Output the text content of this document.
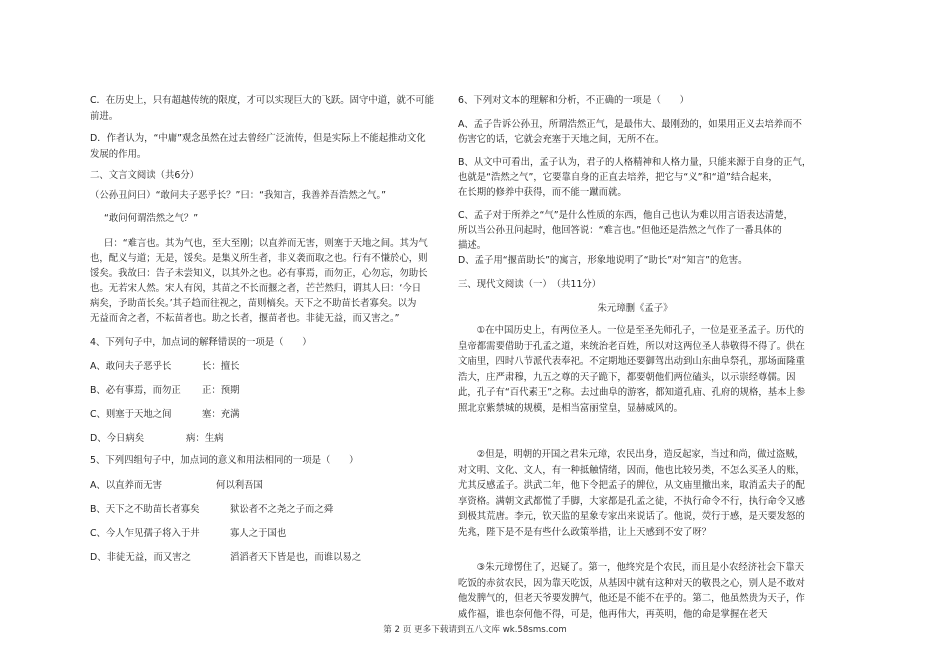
C．在历史上，只有超越传统的限度，才可以实现巨大的飞跃。固守中道，就不可能

前进。

D．作者认为，“中庸”观念虽然在过去曾经广泛流传，但是实际上不能起推动文化

发展的作用。

二、文言文阅读（共6分）

（公孙丑问曰）“敢问夫子恶乎长？”曰：“我知言，我善养吾浩然之气。”

“敢问何谓浩然之气？”

曰：“难言也。其为气也，至大至刚；以直养而无害，则塞于天地之间。其为气

也，配义与道；无是，馁矣。是集义所生者，非义袭而取之也。行有不慊於心，则

馁矣。我故曰：告子未尝知义，以其外之也。必有事焉，而勿正，心勿忘，勿助长

也。无若宋人然。宋人有闵，其苗之不长而揠之者，芒芒然归，谓其人曰：‘今日

病矣，予助苗长矣。’其子趋而往视之，苗则槁矣。天下之不助苗长者寡矣。以为

无益而舍之者，不耘苗者也。助之长者，揠苗者也。非徒无益，而又害之。”

4、下列句子中，加点词的解释错误的一项是（　　）

A、敢问夫子恶乎长	长：擅长

B、必有事焉，而勿正 正：预期

C、则塞于天地之间	塞：充满

D、今日病矣	病：生病

5、下列四组句子中，加点词的意义和用法相同的一项是（　　）

A、以直养而无害	何以利吾国

B、天下之不助苗长者寡矣	狱讼者不之尧之子而之舜

C、今人乍见孺子将入于井	寡人之于国也

D、非徒无益，而又害之	滔滔者天下皆是也，而谁以易之

6、下列对文本的理解和分析，不正确的一项是（　　）

A、孟子告诉公孙丑，所谓浩然正气，是最伟大、最刚劲的，如果用正义去培养而不

伤害它的话，它就会充塞于天地之间，无所不在。

B、从文中可看出，孟子认为，君子的人格精神和人格力量，只能来源于自身的正气，

也就是“浩然之气”，它要靠自身的正直去培养，把它与“义”和“道”结合起来，

在长期的修养中获得，而不能一蹴而就。

C、孟子对于所养之“气”是什么性质的东西，他自己也认为难以用言语表达清楚，

所以当公孙丑问起时，他回答说：“难言也。”但他还是浩然之气作了一番具体的

描述。

D、孟子用“揠苗助长”的寓言，形象地说明了“助长”对“知言”的危害。

三、现代文阅读（一）　（共11分）

朱元璋删《孟子》

①在中国历史上，有两位圣人。一位是至圣先师孔子，一位是亚圣孟子。历代的皇帝都需要借助于孔孟之道，来统治老百姓，所以对这两位圣人恭敬得不得了。供在文庙里，四时八节派代表奉祀。不定期地还要御驾出动到山东曲阜祭孔，那场面隆重浩大，庄严肃穆，九五之尊的天子跪下，都要朝他们两位磕头，以示崇经尊儒。因此，孔子有“百代素王”之称。去过曲阜的游客，都知道孔庙、孔府的规格，基本上参照北京紫禁城的规模，是相当富丽堂皇，显赫威风的。

②但是，明朝的开国之君朱元璋，农民出身，造反起家，当过和尚，做过盗贼，对文明、文化、文人，有一种抵触情绪，因而，他也比较另类，不怎么买圣人的账，尤其反感孟子。洪武二年，他下令把孟子的牌位，从文庙里撤出来，取消孟夫子的配享资格。满朝文武都慌了手脚，大家都是孔孟之徒，不执行命令不行，执行命令又感到极其荒唐。李元，钦天监的星象专家出来说话了。他说，荧行于感，是天要发怒的先兆，陛下是不是有些什么政策举措，让上天感到不安了呀？

③朱元璋愣住了，迟疑了。第一，他终究是个农民，而且是小农经济社会下靠天吃饭的赤贫农民，因为靠天吃饭，从基因中就有这种对天的敬畏之心，别人是不敢对他发脾气的，但老天爷要发脾气，他还是不能不在乎的。第二，他虽然贵为天子，作威作福，谁也奈何他不得，可是，他再伟大，再英明，他的命是掌握在老天

第 2 页 更多下载请到五八文库 wk.58sms.com
